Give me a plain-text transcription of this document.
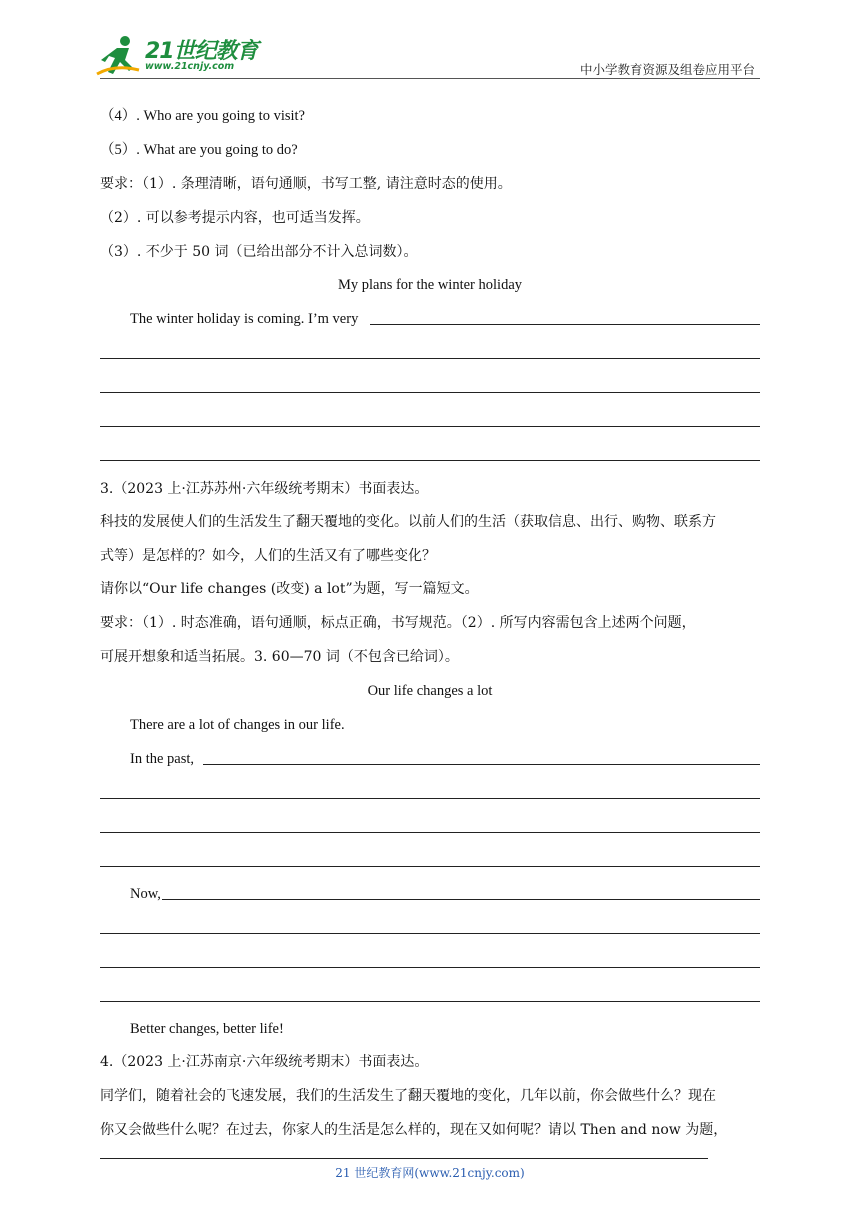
21世纪教育
www.21cnjy.com	中小学教育资源及组卷应用平台
（4）. Who are you going to visit?
（5）. What are you going to do?
要求：（1）. 条理清晰，语句通顺，书写工整, 请注意时态的使用。
（2）. 可以参考提示内容，也可适当发挥。
（3）. 不少于 50 词（已给出部分不计入总词数）。
My plans for the winter holiday
The winter holiday is coming. I’m very
3.（2023 上·江苏苏州·六年级统考期末）书面表达。
科技的发展使人们的生活发生了翻天覆地的变化。以前人们的生活（获取信息、出行、购物、联系方
式等）是怎样的？如今，人们的生活又有了哪些变化？
请你以“Our life changes (改变) a lot”为题，写一篇短文。
要求：（1）. 时态准确，语句通顺，标点正确，书写规范。（2）. 所写内容需包含上述两个问题，
可展开想象和适当拓展。3. 60—70 词（不包含已给词）。
Our life changes a lot
There are a lot of changes in our life.
In the past,
Now,
Better changes, better life!
4.（2023 上·江苏南京·六年级统考期末）书面表达。
同学们，随着社会的飞速发展，我们的生活发生了翻天覆地的变化，几年以前，你会做些什么？现在
你又会做些什么呢？在过去，你家人的生活是怎么样的，现在又如何呢？请以 Then and now 为题，
21 世纪教育网(www.21cnjy.com)
